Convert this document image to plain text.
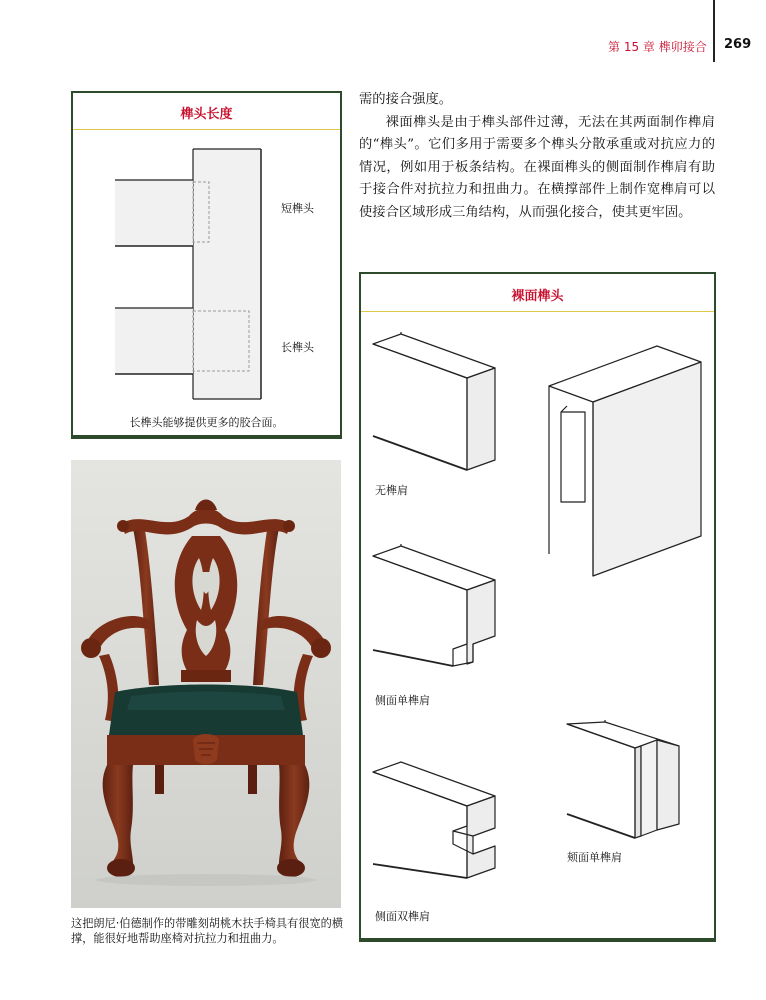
第 15 章 榫卯接合 269
榫头长度
短榫头
长榫头
长榫头能够提供更多的胶合面。

需的接合强度。

裸面榫头是由于榫头部件过薄，无法在其两面制作榫肩的“榫头”。它们多用于需要多个榫头分散承重或对抗应力的情况，例如用于板条结构。在裸面榫头的侧面制作榫肩有助于接合件对抗拉力和扭曲力。在横撑部件上制作宽榫肩可以使接合区域形成三角结构，从而强化接合，使其更牢固。

这把朗尼·伯德制作的带雕刻胡桃木扶手椅具有很宽的横撑，能很好地帮助座椅对抗拉力和扭曲力。
裸面榫头
无榫肩
侧面单榫肩
侧面双榫肩
颊面单榫肩
